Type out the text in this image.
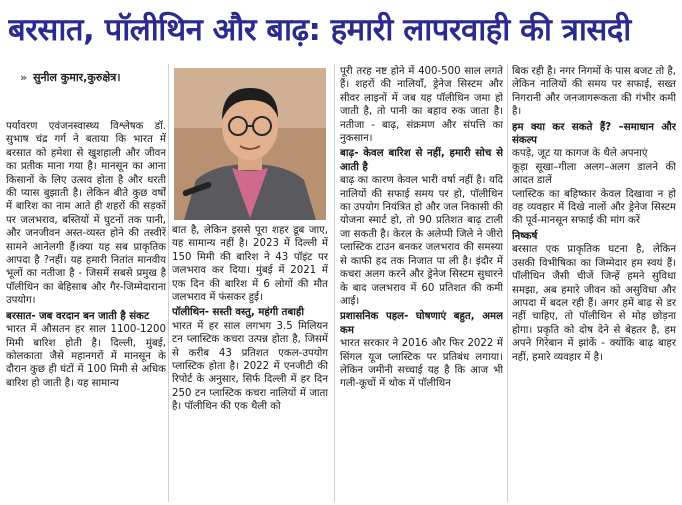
बरसात, पॉलीथिन और बाढ़: हमारी लापरवाही की त्रासदी
» सुनील कुमार,कुरुक्षेत्र।

पर्यावरण एवंजनस्वास्थ्य विश्लेषक डॉ. सुभाष चंद्र गर्ग ने बताया कि भारत में बरसात को हमेशा से खुशहाली और जीवन का प्रतीक माना गया है। मानसून का आना किसानों के लिए उत्सव होता है और धरती की प्यास बुझाती है। लेकिन बीते कुछ वर्षों में बारिश का नाम आते ही शहरों की सड़कों पर जलभराव, बस्तियों में घुटनों तक पानी, और जनजीवन अस्त-व्यस्त होने की तस्वीरें सामने आनेलगी हैं।क्या यह सब प्राकृतिक आपदा है ?नहीं। यह हमारी नितांत मानवीय भूलों का नतीजा है - जिसमें सबसे प्रमुख है पॉलीथिन का बेहिसाब और गैर-जिम्मेदाराना उपयोग।

बरसात- जब वरदान बन जाती है संकट

भारत में औसतन हर साल 1100-1200 मिमी बारिश होती है। दिल्ली, मुंबई, कोलकाता जैसे महानगरों में मानसून के दौरान कुछ ही घंटों में 100 मिमी से अधिक बारिश हो जाती है। यह सामान्य

बात है, लेकिन इससे पूरा शहर डूब जाए, यह सामान्य नहीं है। 2023 में दिल्ली में 150 मिमी की बारिश ने 43 पॉइंट पर जलभराव कर दिया। मुंबई में 2021 में एक दिन की बारिश में 6 लोगों की मौत जलभराव में फंसकर हुई।

पॉलीथिन- सस्ती वस्तु, महंगी तबाही

भारत में हर साल लगभग 3.5 मिलियन टन प्लास्टिक कचरा उत्पन्न होता है, जिसमें से करीब 43 प्रतिशत एकल-उपयोग प्लास्टिक होता है। 2022 में एनजीटी की रिपोर्ट के अनुसार, सिर्फ दिल्ली में हर दिन 250 टन प्लास्टिक कचरा नालियों में जाता है। पॉलीथिन की एक थैली को

पूरी तरह नष्ट होने में 400-500 साल लगते हैं। शहरों की नालियाँ, ड्रेनेज सिस्टम और सीवर लाइनों में जब यह पॉलीथिन जमा हो जाती है, तो पानी का बहाव रुक जाता है। नतीजा - बाढ़, संक्रमण और संपत्ति का नुकसान।

बाढ़- केवल बारिश से नहीं, हमारी सोच से आती है

बाढ़ का कारण केवल भारी वर्षा नहीं है। यदि नालियों की सफाई समय पर हो, पॉलीथिन का उपयोग नियंत्रित हो और जल निकासी की योजना स्मार्ट हो, तो 90 प्रतिशत बाढ़ टाली जा सकती है। केरल के अलेप्पी जिले ने जीरो प्लास्टिक टाउन बनकर जलभराव की समस्या से काफी हद तक निजात पा ली है। इंदौर में कचरा अलग करने और ड्रेनेज सिस्टम सुधारने के बाद जलभराव में 60 प्रतिशत की कमी आई।

प्रशासनिक पहल- घोषणाएं बहुत, अमल कम

भारत सरकार ने 2016 और फिर 2022 में सिंगल यूज प्लास्टिक पर प्रतिबंध लगाया। लेकिन जमीनी सच्चाई यह है कि आज भी गली-कूचों में थोक में पॉलीथिन

बिक रही है। नगर निगमों के पास बजट तो है, लेकिन नालियों की समय पर सफाई, सख्त निगरानी और जनजागरूकता की गंभीर कमी है।

हम क्या कर सकते हैं? –समाधान और संकल्प

कपड़े, जूट या कागज के थैले अपनाएं

कूड़ा सूखा–गीला अलग–अलग डालने की आदत डालें

प्लास्टिक का बहिष्कार केवल दिखावा न हो वह व्यवहार में दिखे नालों और ड्रेनेज सिस्टम की पूर्व-मानसून सफाई की मांग करें

निष्कर्ष

बरसात एक प्राकृतिक घटना है, लेकिन उसकी विभीषिका का जिम्मेदार हम स्वयं हैं। पॉलीथिन जैसी चीजें जिन्हें हमने सुविधा समझा, अब हमारे जीवन को असुविधा और आपदा में बदल रही हैं। अगर हमें बाढ़ से डर नहीं चाहिए, तो पॉलीथिन से मोह छोड़ना होगा। प्रकृति को दोष देने से बेहतर है, हम अपने गिरेबान में झांकें - क्योंकि बाढ़ बाहर नहीं, हमारे व्यवहार में है।
